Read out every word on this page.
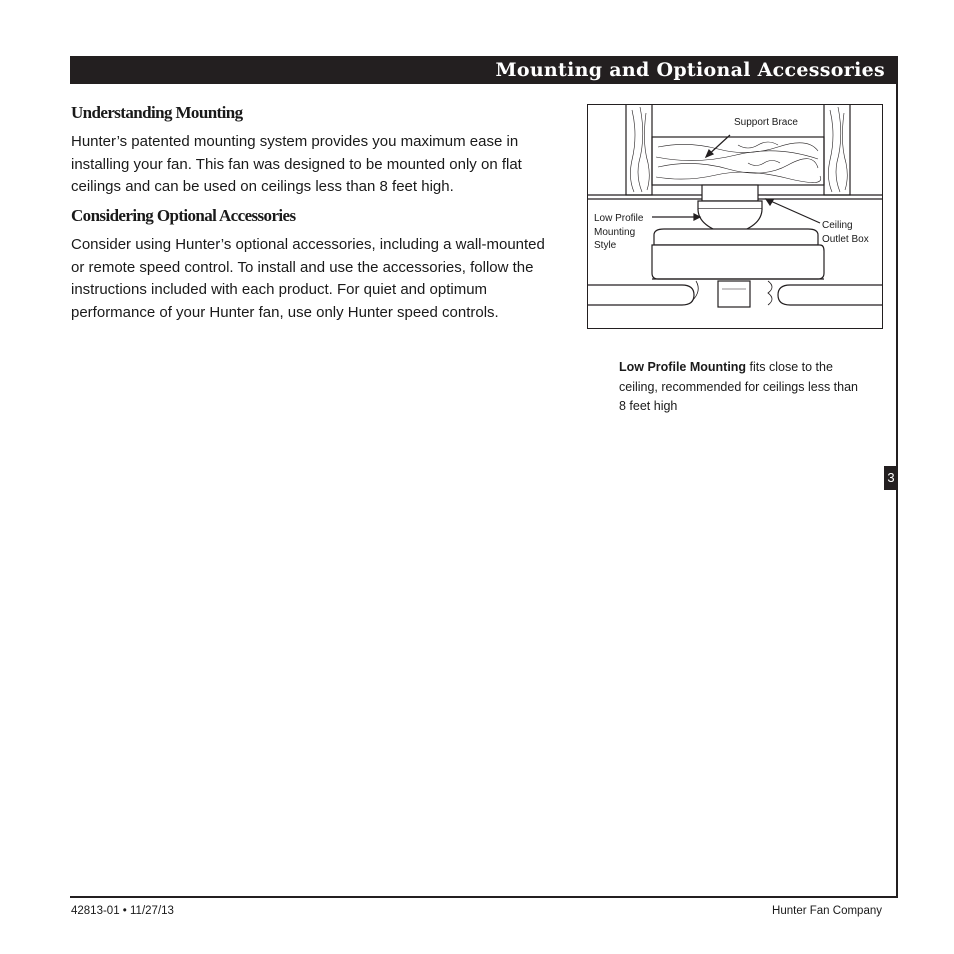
Mounting and Optional Accessories
3
Understanding Mounting

Hunter’s patented mounting system provides you maximum ease in installing your fan. This fan was designed to be mounted only on flat ceilings and can be used on ceilings less than 8 feet high.

Considering Optional Accessories

Consider using Hunter’s optional accessories, including a wall-mounted or remote speed control. To install and use the accessories, follow the instructions included with each product. For quiet and optimum performance of your Hunter fan, use only Hunter speed controls.

Support Brace
Low Profile
Mounting
Style
Ceiling
Outlet Box
Low Profile Mounting fits close to the ceiling, recommended for ceilings less than 8 feet high
42813-01 • 11/27/13	Hunter Fan Company
